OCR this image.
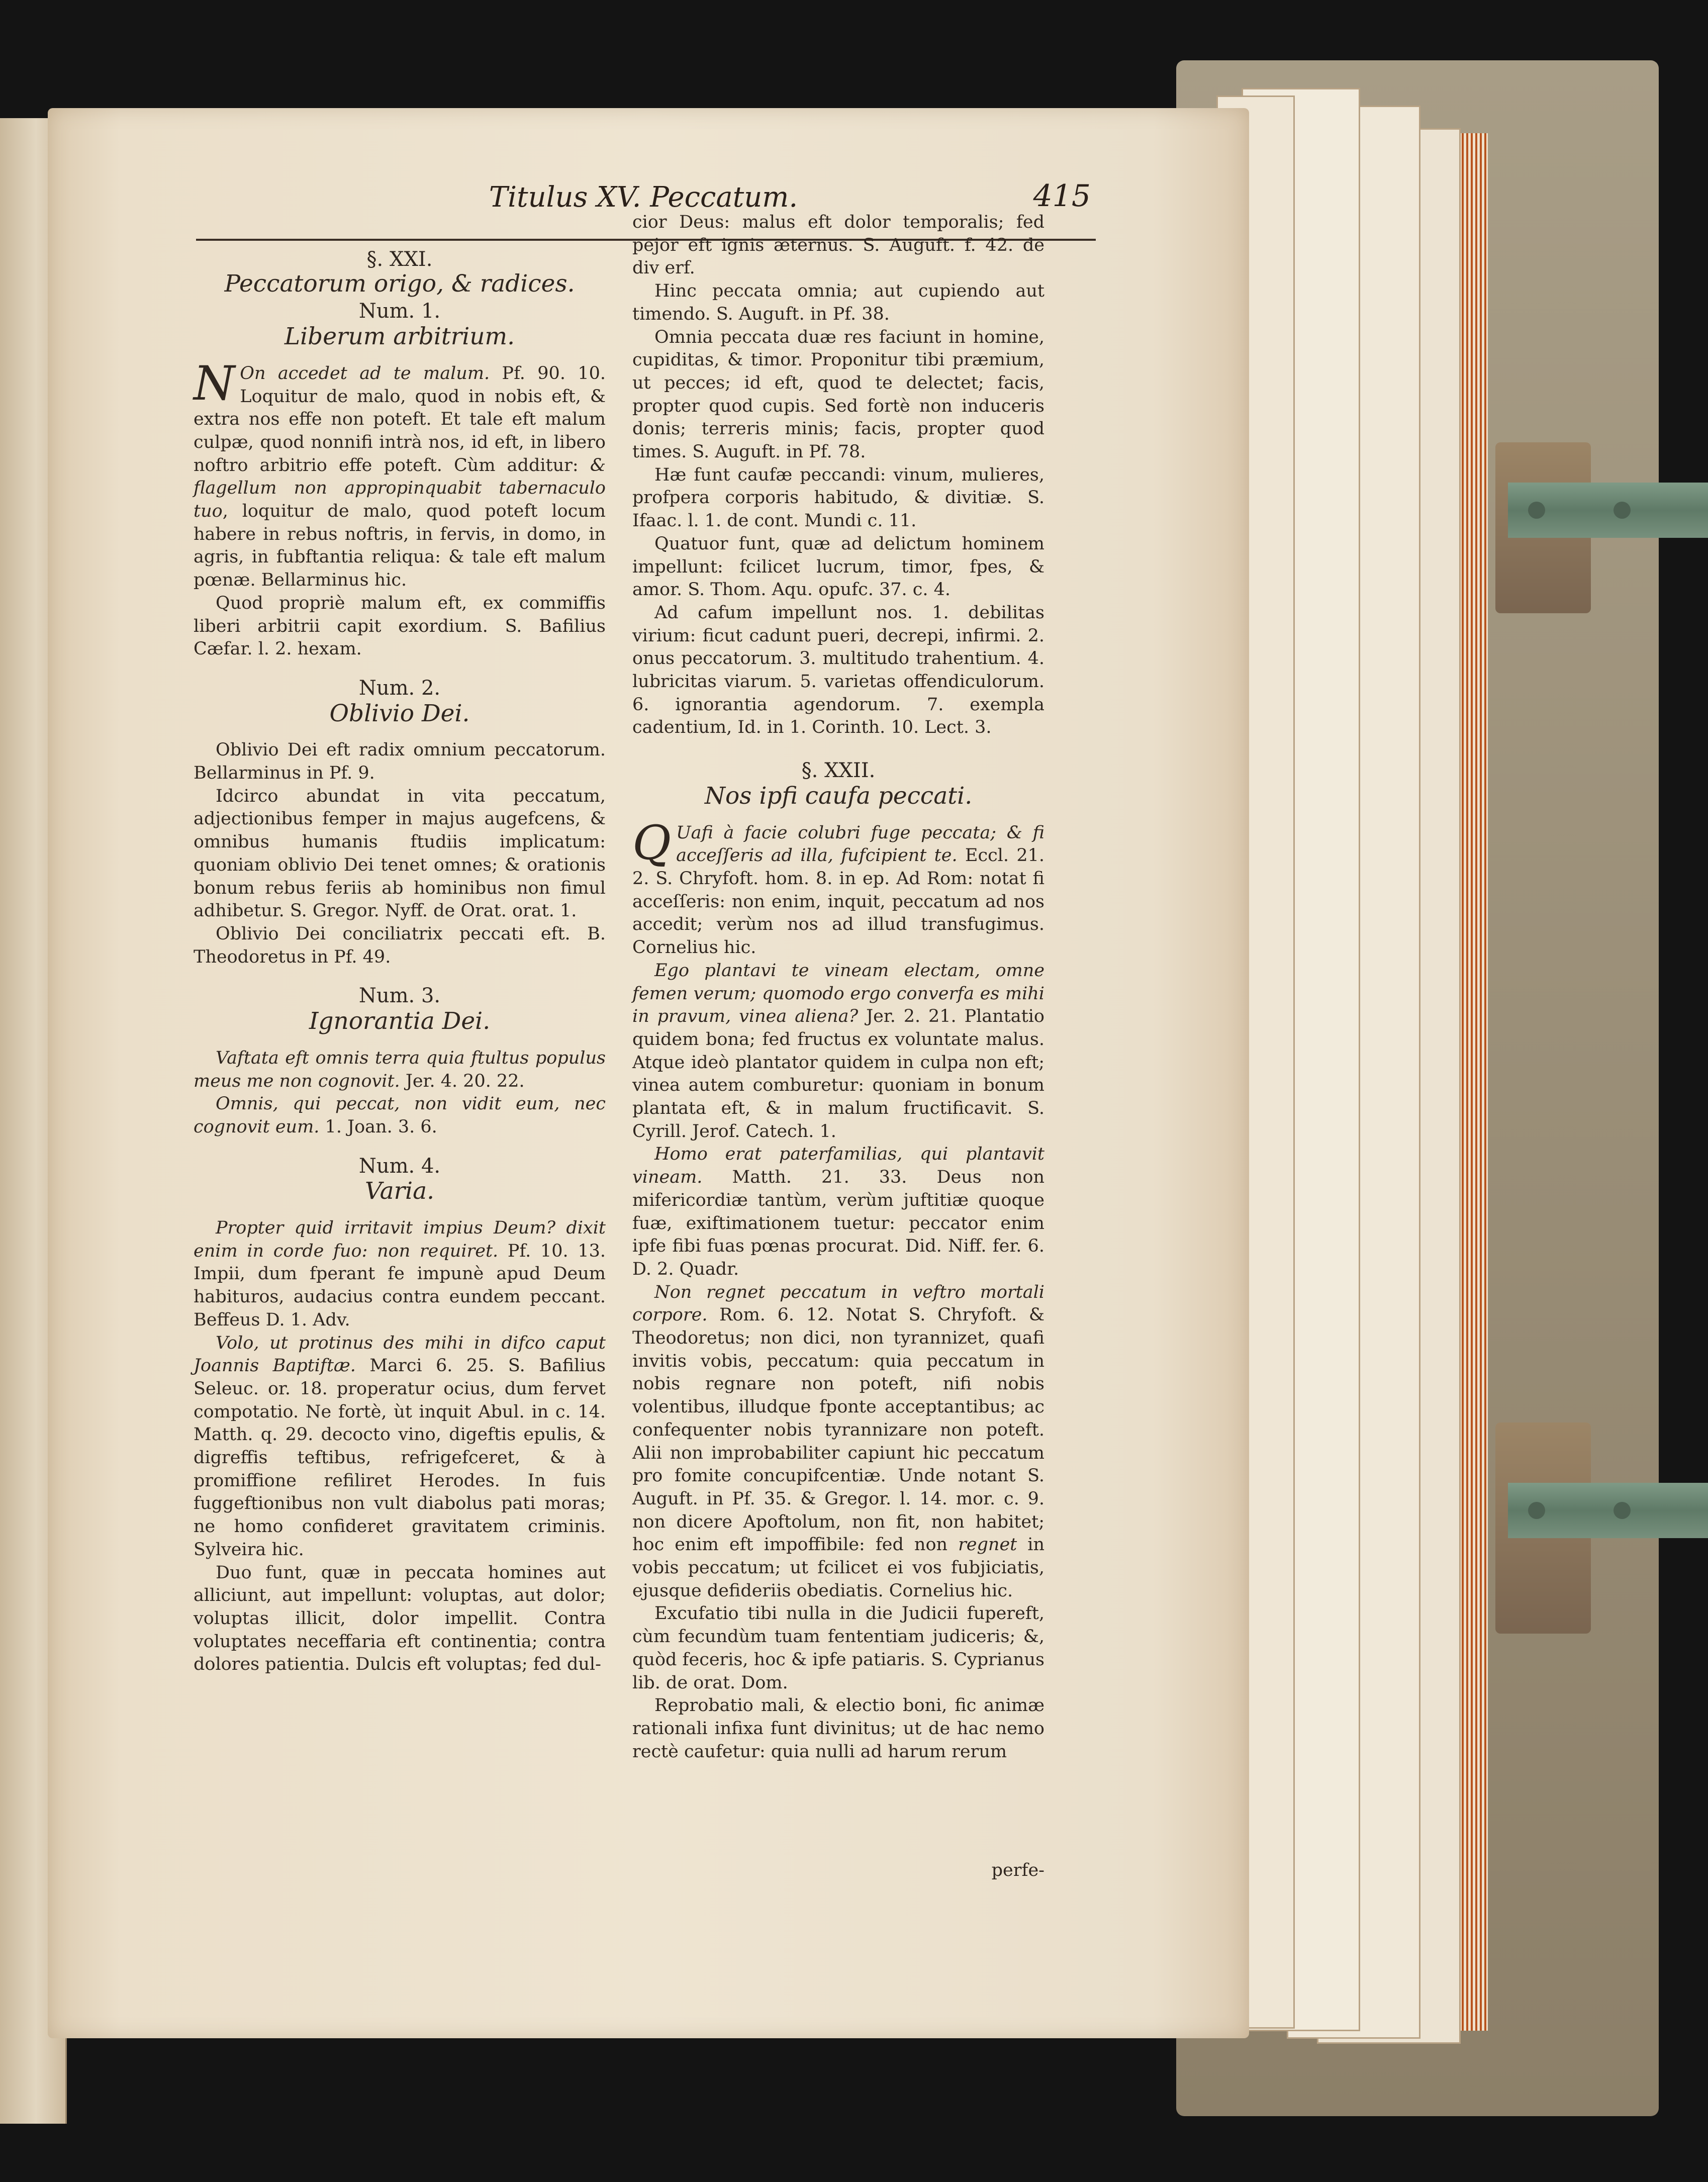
Titulus XV. Peccatum.	415

§. XXI.

Peccatorum origo, & radices.

Num. 1.

Liberum arbitrium.

N On accedet ad te malum. Pf. 90. 10. Loquitur de malo, quod in nobis eft, & extra nos effe non poteft. Et tale eft malum culpæ, quod nonnifi intrà nos, id eft, in libero noftro arbitrio effe poteft. Cùm additur: & flagellum non appropinquabit tabernaculo tuo, loquitur de malo, quod poteft locum habere in rebus noftris, in fervis, in domo, in agris, in fubftantia reliqua: & tale eft malum pœnæ. Bellarminus hic.

Quod propriè malum eft, ex commiffis liberi arbitrii capit exordium. S. Bafilius Cæfar. l. 2. hexam.

Num. 2.

Oblivio Dei.

Oblivio Dei eft radix omnium peccatorum. Bellarminus in Pf. 9.

Idcirco abundat in vita peccatum, adjectionibus femper in majus augefcens, & omnibus humanis ftudiis implicatum: quoniam oblivio Dei tenet omnes; & orationis bonum rebus feriis ab hominibus non fimul adhibetur. S. Gregor. Nyff. de Orat. orat. 1.

Oblivio Dei conciliatrix peccati eft. B. Theodoretus in Pf. 49.

Num. 3.

Ignorantia Dei.

Vaftata eft omnis terra quia ftultus populus meus me non cognovit. Jer. 4. 20. 22.

Omnis, qui peccat, non vidit eum, nec cognovit eum. 1. Joan. 3. 6.

Num. 4.

Varia.

Propter quid irritavit impius Deum? dixit enim in corde fuo: non requiret. Pf. 10. 13. Impii, dum fperant fe impunè apud Deum habituros, audacius contra eundem peccant. Beffeus D. 1. Adv.

Volo, ut protinus des mihi in difco caput Joannis Baptiftæ. Marci 6. 25. S. Bafilius Seleuc. or. 18. properatur ocius, dum fervet compotatio. Ne fortè, ùt inquit Abul. in c. 14. Matth. q. 29. decocto vino, digeftis epulis, & digreffis teftibus, refrigefceret, & à promiffione refiliret Herodes. In fuis fuggeftionibus non vult diabolus pati moras; ne homo confideret gravitatem criminis. Sylveira hic.

Duo funt, quæ in peccata homines aut alliciunt, aut impellunt: voluptas, aut dolor; voluptas illicit, dolor impellit. Contra voluptates neceffaria eft continentia; contra dolores patientia. Dulcis eft voluptas; fed dul-

cior Deus: malus eft dolor temporalis; fed pejor eft ignis æternus. S. Auguft. f. 42. de div erf.

Hinc peccata omnia; aut cupiendo aut timendo. S. Auguft. in Pf. 38.

Omnia peccata duæ res faciunt in homine, cupiditas, & timor. Proponitur tibi præmium, ut pecces; id eft, quod te delectet; facis, propter quod cupis. Sed fortè non induceris donis; terreris minis; facis, propter quod times. S. Auguft. in Pf. 78.

Hæ funt caufæ peccandi: vinum, mulieres, profpera corporis habitudo, & divitiæ. S. Ifaac. l. 1. de cont. Mundi c. 11.

Quatuor funt, quæ ad delictum hominem impellunt: fcilicet lucrum, timor, fpes, & amor. S. Thom. Aqu. opufc. 37. c. 4.

Ad cafum impellunt nos. 1. debilitas virium: ficut cadunt pueri, decrepi, infirmi. 2. onus peccatorum. 3. multitudo trahentium. 4. lubricitas viarum. 5. varietas offendiculorum. 6. ignorantia agendorum. 7. exempla cadentium, Id. in 1. Corinth. 10. Lect. 3.

§. XXII.

Nos ipfi caufa peccati.

Q Uafi à facie colubri fuge peccata; & fi acceſſeris ad illa, fufcipient te. Eccl. 21. 2. S. Chryfoft. hom. 8. in ep. Ad Rom: notat fi acceſſeris: non enim, inquit, peccatum ad nos accedit; verùm nos ad illud transfugimus. Cornelius hic.

Ego plantavi te vineam electam, omne femen verum; quomodo ergo converfa es mihi in pravum, vinea aliena? Jer. 2. 21. Plantatio quidem bona; fed fructus ex voluntate malus. Atque ideò plantator quidem in culpa non eft; vinea autem comburetur: quoniam in bonum plantata eft, & in malum fructificavit. S. Cyrill. Jerof. Catech. 1.

Homo erat paterfamilias, qui plantavit vineam. Matth. 21. 33. Deus non mifericordiæ tantùm, verùm juftitiæ quoque fuæ, exiftimationem tuetur: peccator enim ipfe fibi fuas pœnas procurat. Did. Niff. fer. 6. D. 2. Quadr.

Non regnet peccatum in veftro mortali corpore. Rom. 6. 12. Notat S. Chryfoft. & Theodoretus; non dici, non tyrannizet, quafi invitis vobis, peccatum: quia peccatum in nobis regnare non poteft, nifi nobis volentibus, illudque fponte acceptantibus; ac confequenter nobis tyrannizare non poteft. Alii non improbabiliter capiunt hic peccatum pro fomite concupifcentiæ. Unde notant S. Auguft. in Pf. 35. & Gregor. l. 14. mor. c. 9. non dicere Apoftolum, non fit, non habitet; hoc enim eft impoffibile: fed non regnet in vobis peccatum; ut fcilicet ei vos fubjiciatis, ejusque defideriis obediatis. Cornelius hic.

Excufatio tibi nulla in die Judicii fupereft, cùm fecundùm tuam fententiam judiceris; &, quòd feceris, hoc & ipfe patiaris. S. Cyprianus lib. de orat. Dom.

Reprobatio mali, & electio boni, fic animæ rationali infixa funt divinitus; ut de hac nemo rectè caufetur: quia nulli ad harum rerum

perfe-
